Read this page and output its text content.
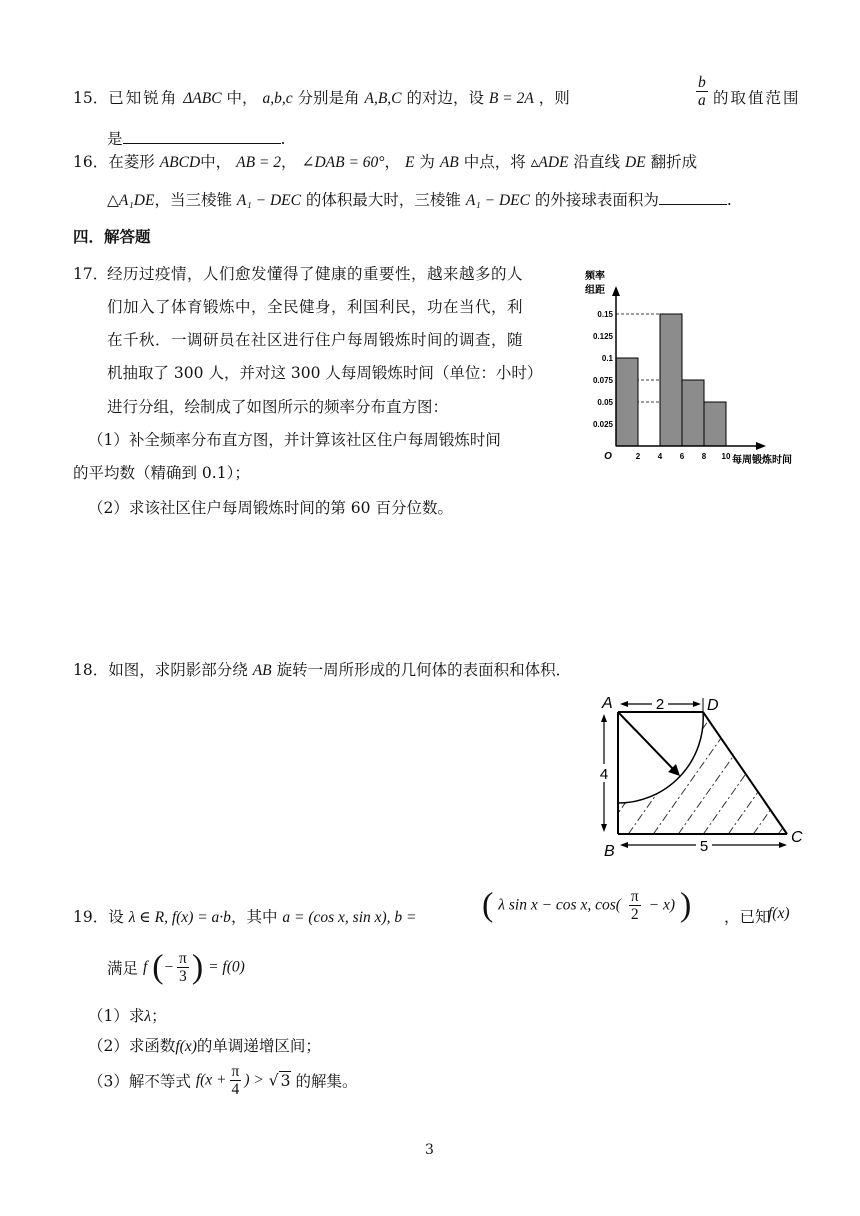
15．已知锐角 ΔABC 中， a,b,c 分别是角 A,B,C 的对边，设 B = 2A ，则	$\frac{b}{a}$ 的取值范围
是	.
16．在菱形 ABCD中， AB = 2， ∠DAB = 60°， E 为 AB 中点，将 ▵ADE 沿直线 DE 翻折成
△A₁DE，当三棱锥 A₁ − DEC 的体积最大时，三棱锥 A₁ − DEC 的外接球表面积为	.
四．解答题
17．
经历过疫情，人们愈发懂得了健康的重要性，越来越多的人
们加入了体育锻炼中，全民健身，利国利民，功在当代，利
在千秋．一调研员在社区进行住户每周锻炼时间的调查，随
机抽取了 300 人，并对这 300 人每周锻炼时间（单位：小时）
进行分组，绘制成了如图所示的频率分布直方图：
（1）补全频率分布直方图，并计算该社区住户每周锻炼时间
的平均数（精确到 0.1）；
（2）求该社区住户每周锻炼时间的第 60 百分位数。
频率
组距
每周锻炼时间
0.025
0.05
0.075
0.1
0.125
0.15
O	2 4 6 8 10
18．如图，求阴影部分绕 AB 旋转一周所形成的几何体的表面积和体积．
2
4
5
A	D
B
C
19．设 λ ∈ R, f(x) = a·b，其中 a = (cos x, sin x), b = ( λ sin x − cos x, $\cos( \frac{\pi}{2} - x)$ ) ，已知
f(x)
满足 f (− $\frac{\pi}{3}$ ) = f(0)
（1）求λ；
（2）求函数f(x)的单调递增区间；
（3）解不等式 $f(x + \frac{\pi}{4}$ ) > √ 3 的解集。
3
